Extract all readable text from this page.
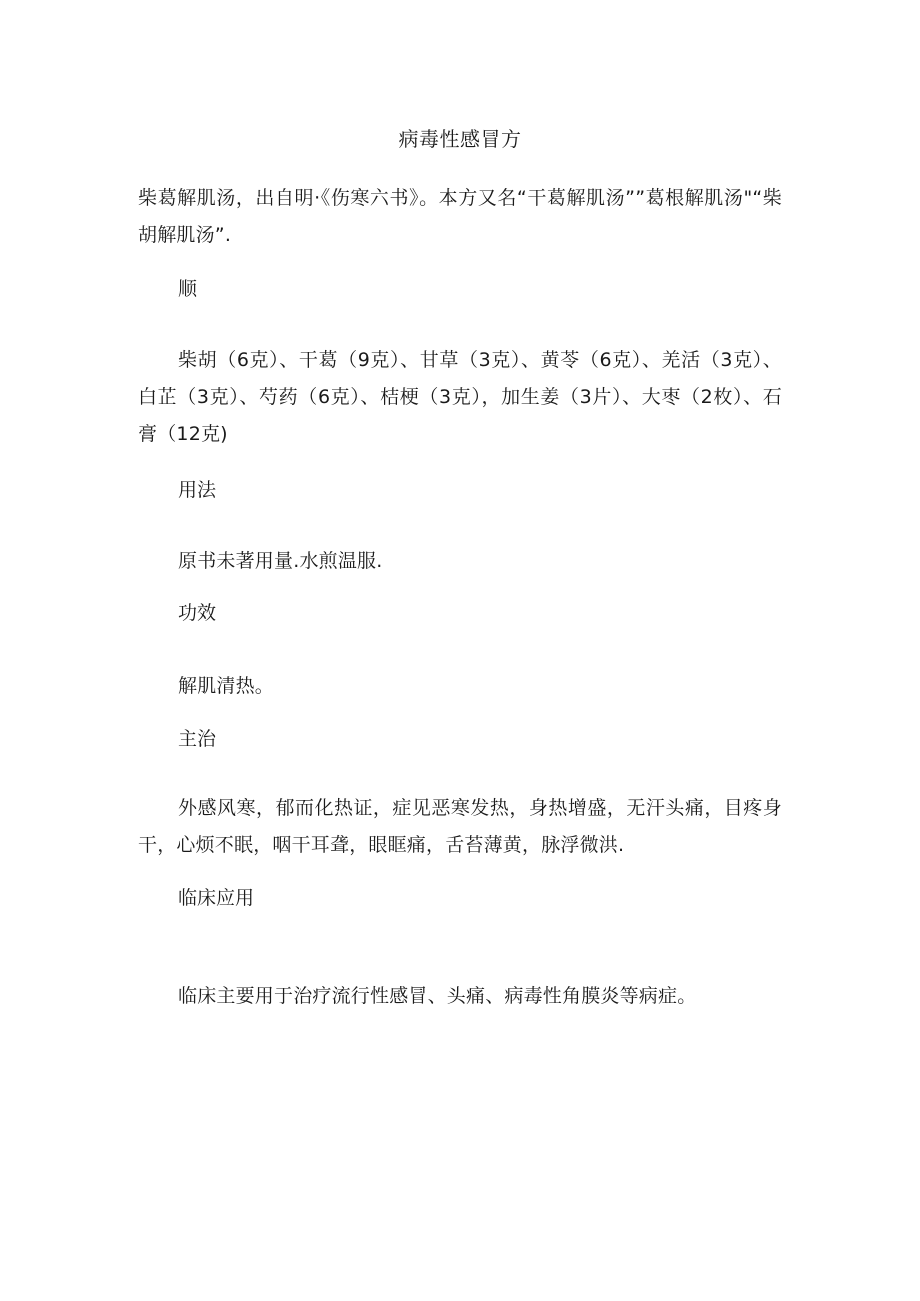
病毒性感冒方
柴葛解肌汤，出自明·《伤寒六书》。本方又名“干葛解肌汤””葛根解肌汤"“柴胡解肌汤”.
顺
柴胡（6克）、干葛（9克）、甘草（3克）、黄苓（6克）、羌活（3克）、白芷（3克）、芍药（6克）、桔梗（3克），加生姜（3片）、大枣（2枚）、石膏（12克)
用法
原书未著用量.水煎温服.
功效
解肌清热。
主治
外感风寒，郁而化热证，症见恶寒发热，身热增盛，无汗头痛，目疼身干，心烦不眠，咽干耳聋，眼眶痛，舌苔薄黄，脉浮微洪.
临床应用
临床主要用于治疗流行性感冒、头痛、病毒性角膜炎等病症。
